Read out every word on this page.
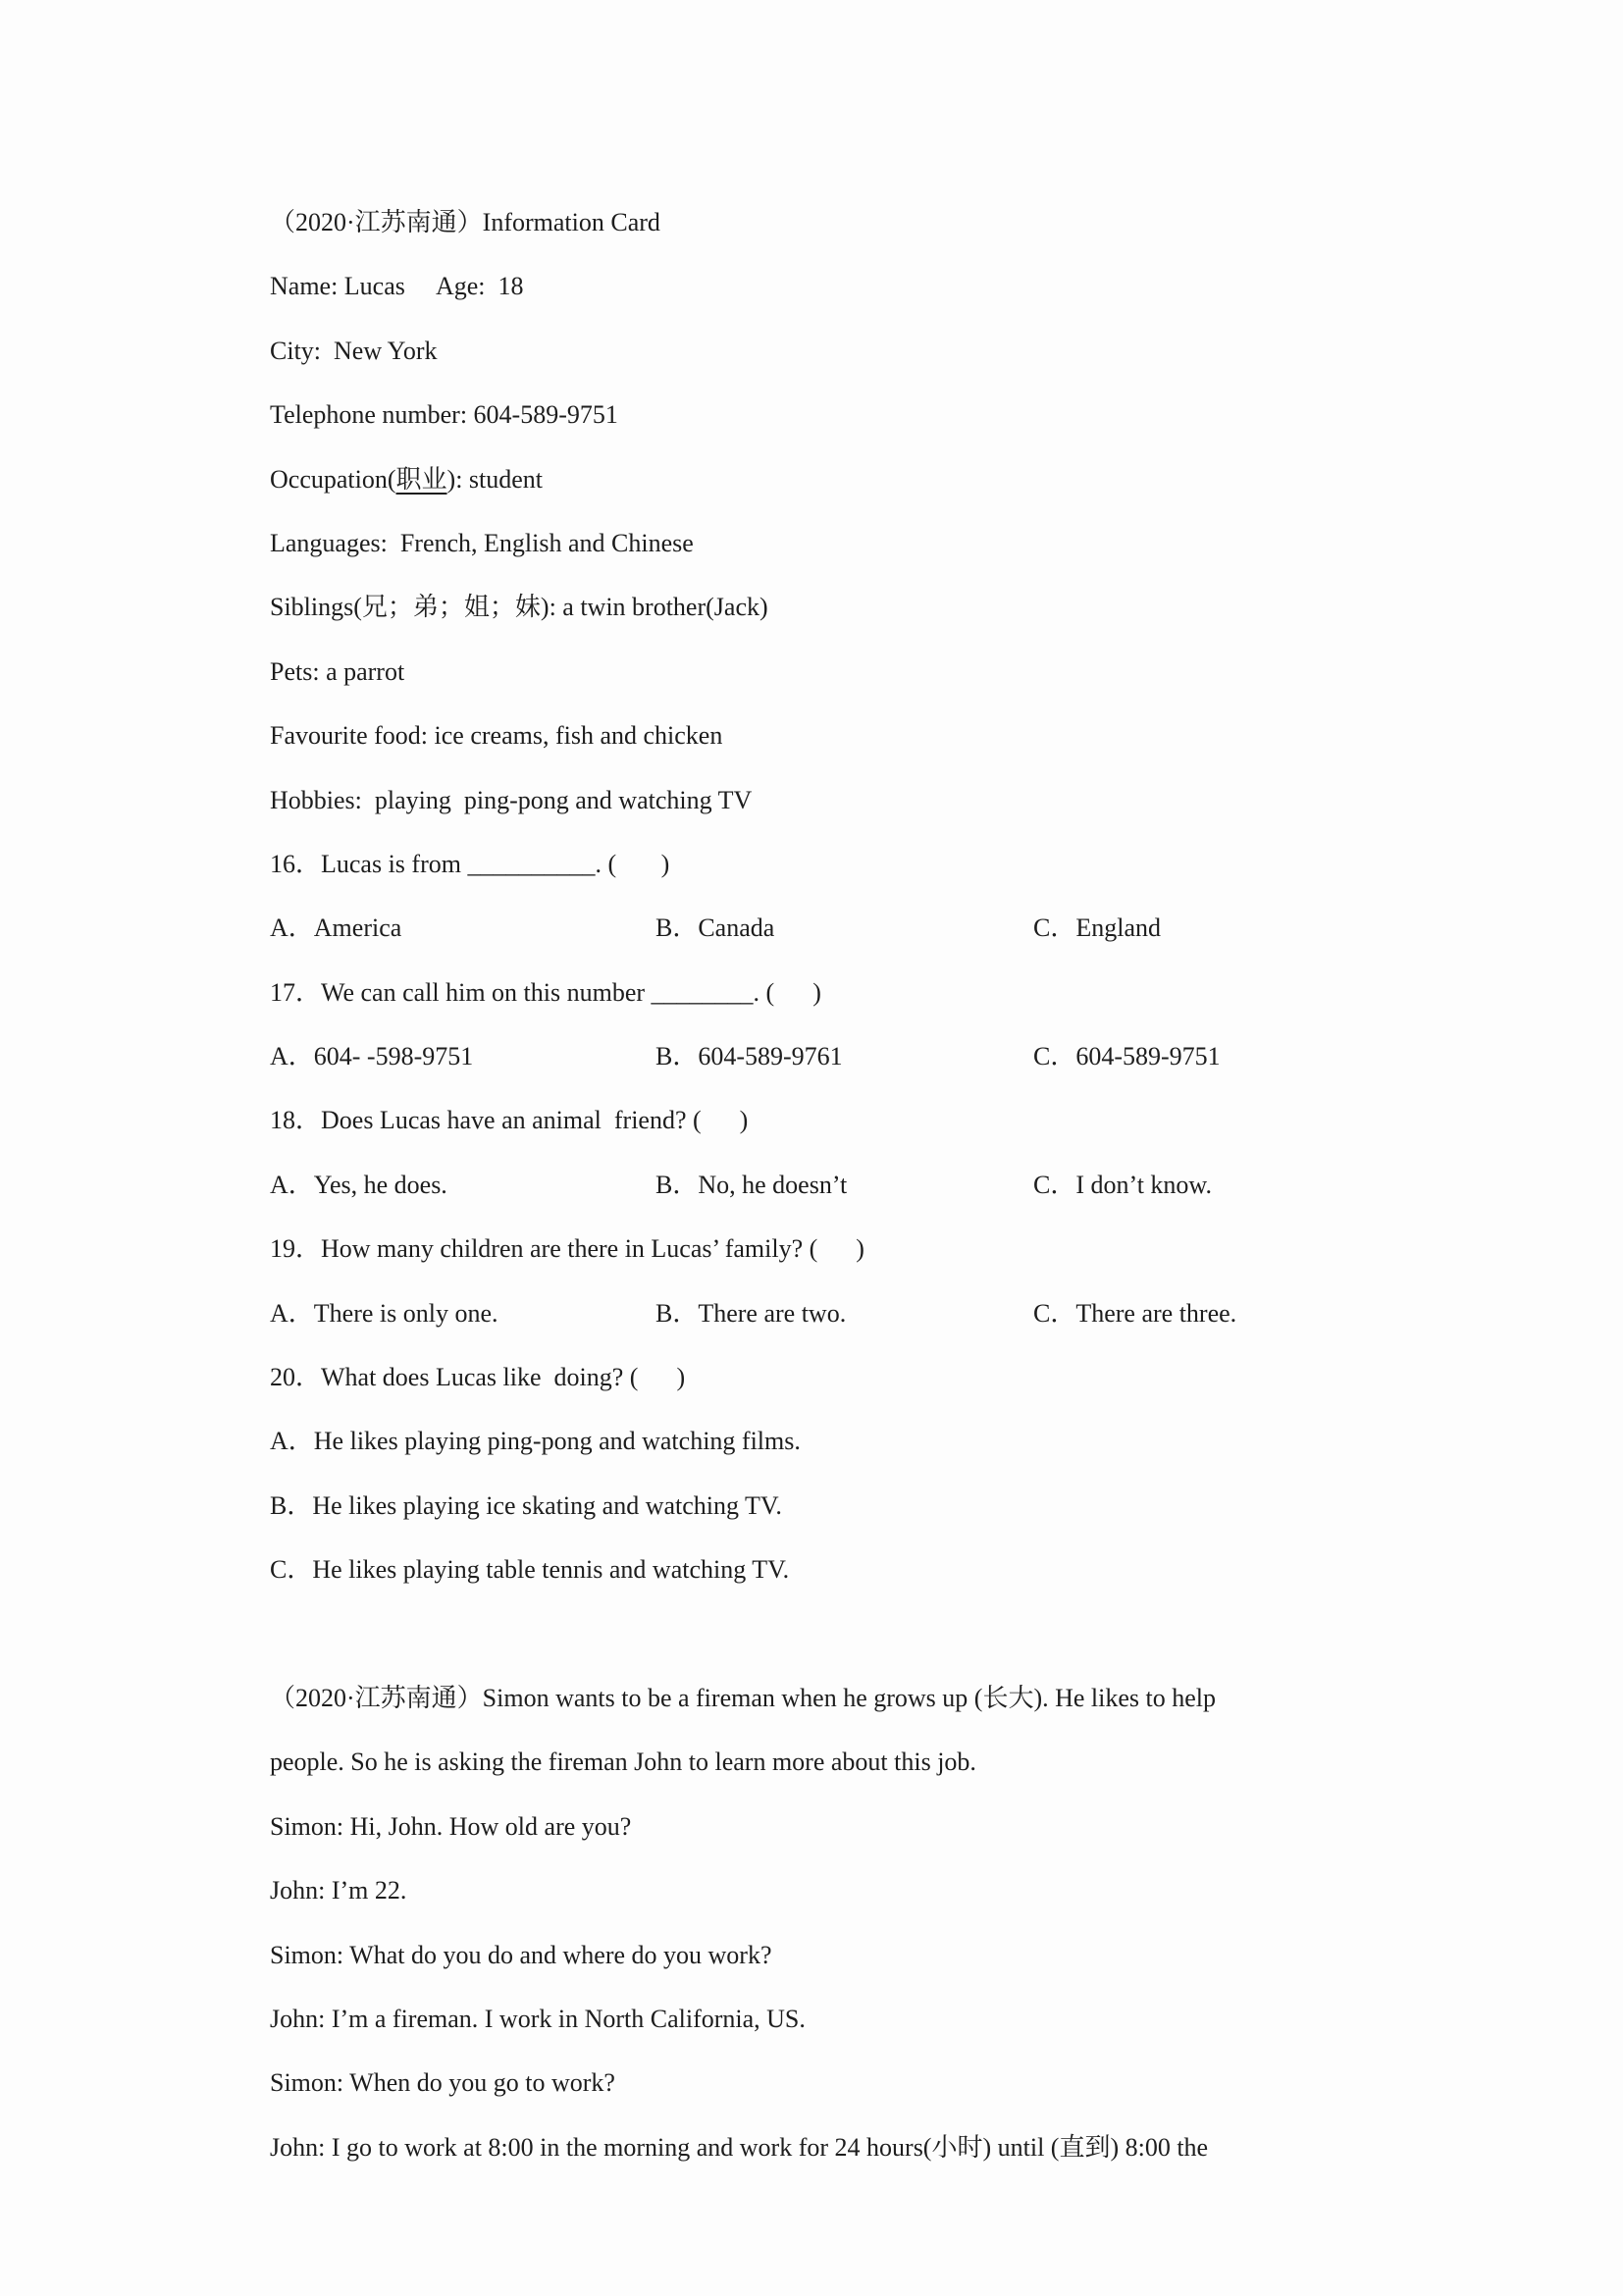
（2020·江苏南通）Information Card

Name: Lucas     Age:  18

City:  New York

Telephone number: 604-589-9751

Occupation(职业): student

Languages:  French, English and Chinese

Siblings(兄；弟；姐；妹): a twin brother(Jack)

Pets: a parrot

Favourite food: ice creams, fish and chicken

Hobbies:  playing  ping-pong and watching TV

16．Lucas is from __________. (       )

A．America	B．Canada	C．England

17．We can call him on this number ________. (      )

A．604- -598-9751	B．604-589-9761	C．604-589-9751

18．Does Lucas have an animal  friend? (      )

A．Yes, he does.	B．No, he doesn’t	C．I don’t know.

19．How many children are there in Lucas’ family? (      )

A．There is only one.	B．There are two.	C．There are three.

20．What does Lucas like  doing? (      )

A．He likes playing ping-pong and watching films.

B．He likes playing ice skating and watching TV.

C．He likes playing table tennis and watching TV.

（2020·江苏南通）Simon wants to be a fireman when he grows up (长大). He likes to help

people. So he is asking the fireman John to learn more about this job.

Simon: Hi, John. How old are you?

John: I’m 22.

Simon: What do you do and where do you work?

John: I’m a fireman. I work in North California, US.

Simon: When do you go to work?

John: I go to work at 8:00 in the morning and work for 24 hours(小时) until (直到) 8:00 the
